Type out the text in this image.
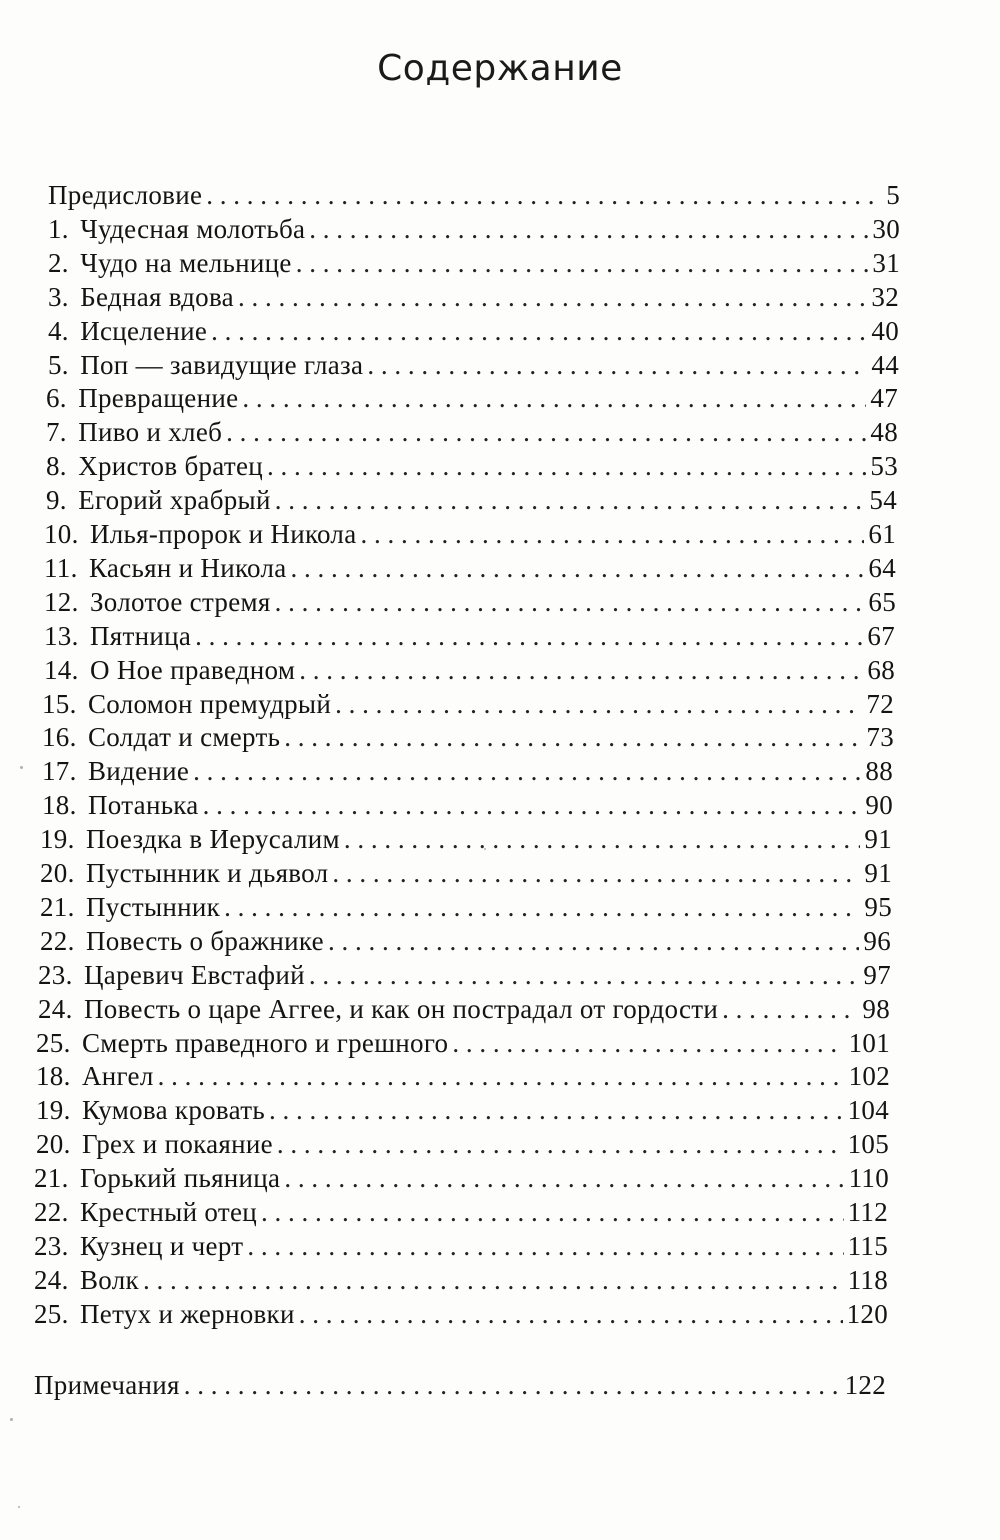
Содержание
Предисловие . . .	5
1. Чудесная молотьба . . .	30
2. Чудо на мельнице . . .	31
3. Бедная вдова . . .	32
4. Исцеление . . .	40
5. Поп — завидущие глаза . . .	44
6. Превращение . . .	47
7. Пиво и хлеб . . .	48
8. Христов братец . . .	53
9. Егорий храбрый . . .	54
10. Илья-пророк и Никола . . .	61
11. Касьян и Никола . . .	64
12. Золотое стремя . . .	65
13. Пятница . . .	67
14. О Ное праведном . . .	68
15. Соломон премудрый . . .	72
16. Солдат и смерть . . .	73
17. Видение . . .	88
18. Потанька . . .	90
19. Поездка в Иерусалим . . .	91
20. Пустынник и дьявол . . .	91
21. Пустынник . . .	95
22. Повесть о бражнике . . .	96
23. Царевич Евстафий . . .	97
24. Повесть о царе Аггее, и как он пострадал от гордости . . .	98
25. Смерть праведного и грешного . . .	101
18. Ангел . . .	102
19. Кумова кровать . . .	104
20. Грех и покаяние . . .	105
21. Горький пьяница . . .	110
22. Крестный отец . . .	112
23. Кузнец и черт . . .	115
24. Волк . . .	118
25. Петух и жерновки . . .	120
Примечания . . .	122
